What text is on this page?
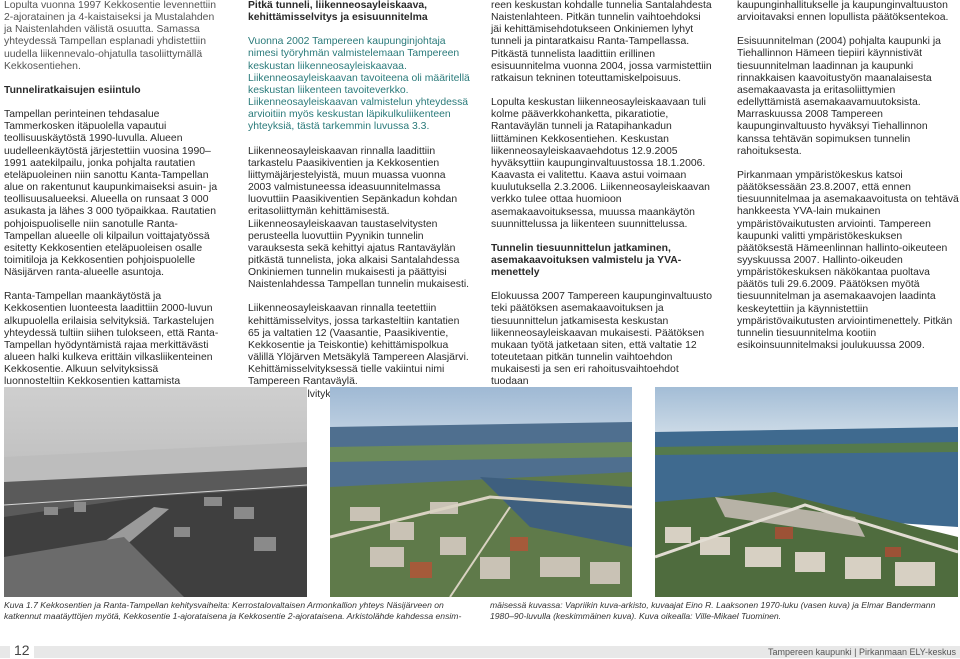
Lopulta vuonna 1997 Kekkosentie levennettiin 2-ajoratainen ja 4-kaistaiseksi ja Mustalahden ja Naistenlahden välistä osuutta. Samassa yhteydessä Tampellan esplanadi yhdistettiin uudella liikennevalo-ohjatulla tasoliittymällä Kekkosentiehen.

Tunneliratkaisujen esiintulo

Tampellan perinteinen tehdasalue Tammerkosken itäpuolella vapautui teollisuuskäytöstä 1990-luvulla. Alueen uudelleenkäytöstä järjestettiin vuosina 1990–1991 aatekilpailu, jonka pohjalta rautatien eteläpuoleinen niin sanottu Kanta-Tampellan alue on rakentunut kaupunkimaiseksi asuin- ja teollisuusalueeksi. Alueella on runsaat 3 000 asukasta ja lähes 3 000 työpaikkaa. Rautatien pohjoispuoliselle niin sanotulle Ranta-Tampellan alueelle oli kilpailun voittajatyössä esitetty Kekkosentien eteläpuoleisen osalle toimitiloja ja Kekkosentien pohjoispuolelle Näsijärven ranta-alueelle asuntoja.

Ranta-Tampellan maankäytöstä ja Kekkosentien luonteesta laadittiin 2000-luvun alkupuolella erilaisia selvityksiä. Tarkastelujen yhteydessä tultiin siihen tulokseen, että Ranta-Tampellan hyödyntämistä rajaa merkittävästi alueen halki kulkeva erittäin vilkasliikenteinen Kekkosentie. Alkuun selvityksissä luonnosteltiin Kekkosentien kattamista

Pitkä tunneli, liikenneosayleiskaava, kehittämisselvitys ja esisuunnitelma

Vuonna 2002 Tampereen kaupunginjohtaja nimesi työryhmän valmistelemaan Tampereen keskustan liikenneosayleiskaavaa. Liikenneosayleiskaavan tavoiteena oli määritellä keskustan liikenteen tavoiteverkko. Liikenneosayleiskaavan valmistelun yhteydessä arvioitiin myös keskustan läpikulkuliikenteen yhteyksiä, tästä tarkemmin luvussa 3.3.

Liikenneosayleiskaavan rinnalla laadittiin tarkastelu Paasikiventien ja Kekkosentien liittymäjärjestelyistä, muun muassa vuonna 2003 valmistuneessa ideasuunnitelmassa luovuttiin Paasikiventien Sepänkadun kohdan eritasoliittymän kehittämisestä. Liikenneosayleiskaavan taustaselvitysten perusteella luovuttiin Pyynikin tunnelin varauksesta sekä kehittyi ajatus Rantaväylän pitkästä tunnelista, joka alkaisi Santalahdessa Onkiniemen tunnelin mukaisesti ja päättyisi Naistenlahdessa Tampellan tunnelin mukaisesti.

Liikenneosayleiskaavan rinnalla teetettiin kehittämisselvitys, jossa tarkasteltiin kantatien 65 ja valtatien 12 (Vaasantie, Paasikiventie, Kekkosentie ja Teiskontie) kehittämispolkua välillä Ylöjärven Metsäkylä Tampereen Alasjärvi. Kehittämisselvityksessä tielle vakiintui nimi Tampereen Rantaväylä.

reen keskustan kohdalle tunnelia Santalahdesta Naistenlahteen. Pitkän tunnelin vaihtoehdoksi jäi kehittämisehdotukseen Onkiniemen lyhyt tunneli ja pintaratkaisu Ranta-Tampellassa. Pitkästä tunnelista laadittiin erillinen esisuunnitelma vuonna 2004, jossa varmistettiin ratkaisun tekninen toteuttamiskelpoisuus.

Lopulta keskustan liikenneosayleiskaavaan tuli kolme pääverkkohanketta, pikaratiotie, Rantaväylän tunneli ja Ratapihankadun liittäminen Kekkosentiehen. Keskustan liikenneosayleiskaavaehdotus 12.9.2005 hyväksyttiin kaupunginvaltuustossa 18.1.2006. Kaavasta ei valitettu. Kaava astui voimaan kuulutuksella 2.3.2006. Liikenneosayleiskaavan verkko tulee ottaa huomioon asemakaavoituksessa, muussa maankäytön suunnittelussa ja liikenteen suunnittelussa.

Tunnelin tiesuunnittelun jatkaminen, asemakaavoituksen valmistelu ja YVA-menettely

Elokuussa 2007 Tampereen kaupunginvaltuusto teki päätöksen asemakaavoituksen ja tiesuunnittelun jatkamisesta keskustan liikenneosayleiskaavan mukaisesti. Päätöksen mukaan työtä jatketaan siten, että valtatie 12 toteutetaan pitkän tunnelin vaihtoehdon mukaisesti ja sen eri rahoitusvaihtoehdot tuodaan

kaupunginhallitukselle ja kaupunginvaltuuston arvioitavaksi ennen lopullista päätöksentekoa.

Esisuunnitelman (2004) pohjalta kaupunki ja Tiehallinnon Hämeen tiepiiri käynnistivät tiesuunnitelman laadinnan ja kaupunki rinnakkaisen kaavoitustyön maanalaisesta asemakaavasta ja eritasoliittymien edellyttämistä asemakaavamuutoksista. Marraskuussa 2008 Tampereen kaupunginvaltuusto hyväksyi Tiehallinnon kanssa tehtävän sopimuksen tunnelin rahoituksesta.

Pirkanmaan ympäristökeskus katsoi päätöksessään 23.8.2007, että ennen tiesuunnitelmaa ja asemakaavoitusta on tehtävä hankkeesta YVA-lain mukainen ympäristövaikutusten arviointi. Tampereen kaupunki valitti ympäristökeskuksen päätöksestä Hämeenlinnan hallinto-oikeuteen syyskuussa 2007. Hallinto-oikeuden ympäristökeskuksen näkökantaa puoltava päätös tuli 29.6.2009. Päätöksen myötä tiesuunnitelman ja asemakaavojen laadinta keskeytettiin ja käynnistettiin ympäristövaikutusten arviointimenettely. Pitkän tunnelin tiesuunnitelma kootiin esikoinsuunnitelmaksi joulukuussa 2009.

Kuva 1.7 Kekkosentien ja Ranta-Tampellan kehitysvaiheita: Kerrostalovaltaisen Armonkallion yhteys Näsijärveen on katkennut maatäyttöjen myötä, Kekkosentie 1-ajorataisena ja Kekkosentie 2-ajorataisena. Arkistolähde kahdessa ensim-
mäisessä kuvassa: Vapriikin kuva-arkisto, kuvaajat Eino R. Laaksonen 1970-luku (vasen kuva) ja Elmar Bandermann 1980–90-luvulla (keskimmäinen kuva). Kuva oikealla: Ville-Mikael Tuominen.
12	Tampereen kaupunki | Pirkanmaan ELY-keskus
